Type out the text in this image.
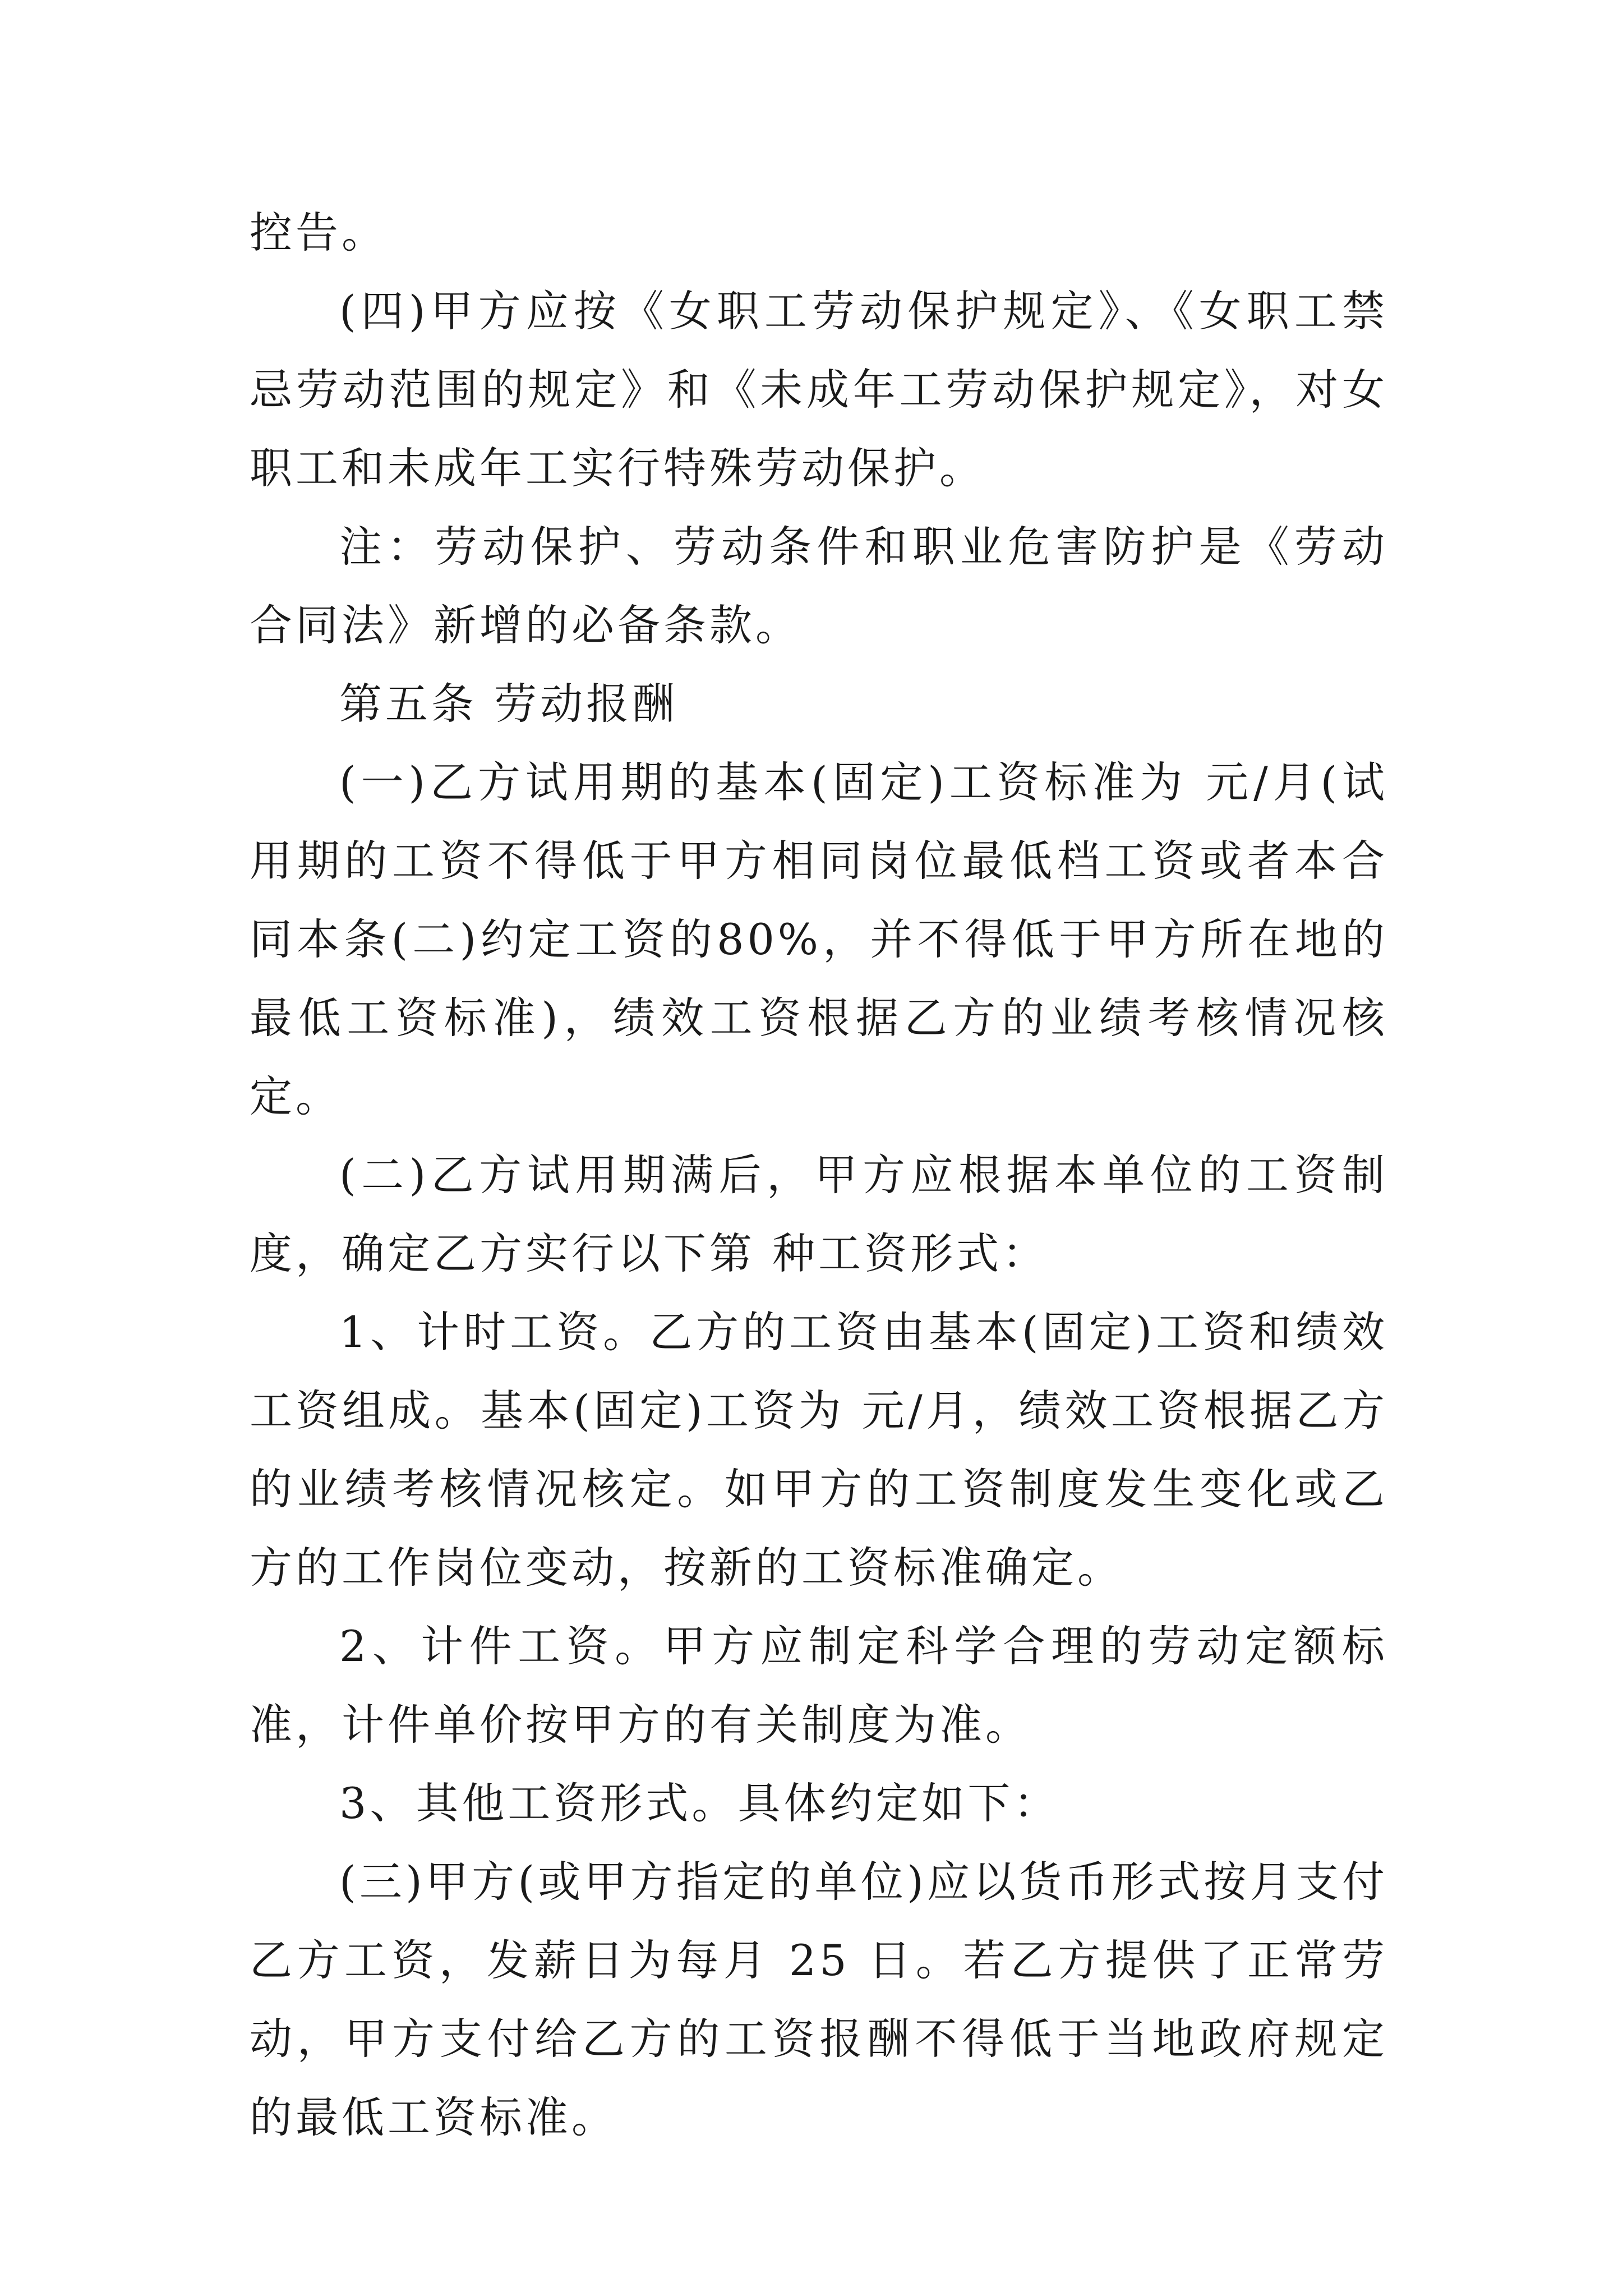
控告。

(四)甲方应按《女职工劳动保护规定》、《女职工禁忌劳动范围的规定》和《未成年工劳动保护规定》，对女职工和未成年工实行特殊劳动保护。

注：劳动保护、劳动条件和职业危害防护是《劳动合同法》新增的必备条款。

第五条 劳动报酬

(一)乙方试用期的基本(固定)工资标准为 元/月(试用期的工资不得低于甲方相同岗位最低档工资或者本合同本条(二)约定工资的80%，并不得低于甲方所在地的最低工资标准)，绩效工资根据乙方的业绩考核情况核定。

(二)乙方试用期满后，甲方应根据本单位的工资制度，确定乙方实行以下第 种工资形式：

1、计时工资。乙方的工资由基本(固定)工资和绩效工资组成。基本(固定)工资为 元/月，绩效工资根据乙方的业绩考核情况核定。如甲方的工资制度发生变化或乙方的工作岗位变动，按新的工资标准确定。

2、计件工资。甲方应制定科学合理的劳动定额标准，计件单价按甲方的有关制度为准。

3、其他工资形式。具体约定如下：

(三)甲方(或甲方指定的单位)应以货币形式按月支付乙方工资，发薪日为每月 25 日。若乙方提供了正常劳动，甲方支付给乙方的工资报酬不得低于当地政府规定的最低工资标准。
